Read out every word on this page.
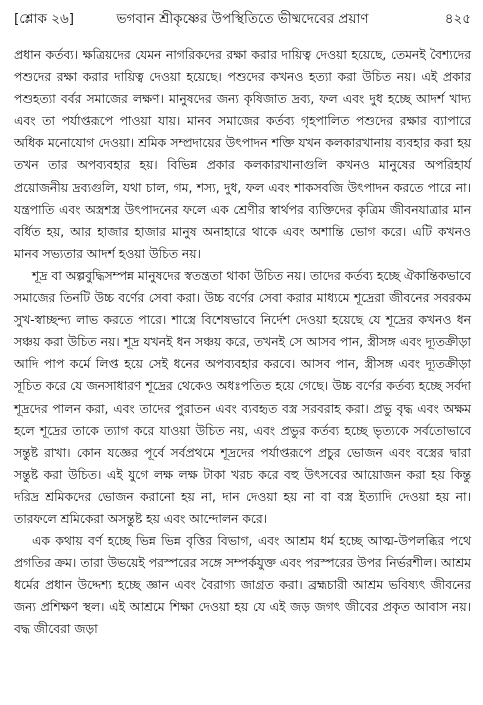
[শ্লোক ২৬]	ভগবান শ্রীকৃষ্ণের উপস্থিতিতে ভীষ্মদেবের প্রয়াণ	৪২৫

প্রধান কর্তব্য। ক্ষত্রিয়দের যেমন নাগরিকদের রক্ষা করার দায়িত্ব দেওয়া হয়েছে, তেমনই বৈশ্যদের পশুদের রক্ষা করার দায়িত্ব দেওয়া হয়েছে। পশুদের কখনও হত্যা করা উচিত নয়। এই প্রকার পশুহত্যা বর্বর সমাজের লক্ষণ। মানুষদের জন্য কৃষিজাত দ্রব্য, ফল এবং দুধ হচ্ছে আদর্শ খাদ্য এবং তা পর্যাপ্তরূপে পাওয়া যায়। মানব সমাজের কর্তব্য গৃহপালিত পশুদের রক্ষার ব্যাপারে অধিক মনোযোগ দেওয়া। শ্রমিক সম্প্রদায়ের উৎপাদন শক্তি যখন কলকারখানায় ব্যবহার করা হয় তখন তার অপব্যবহার হয়। বিভিন্ন প্রকার কলকারখানাগুলি কখনও মানুষের অপরিহার্য প্রয়োজনীয় দ্রব্যগুলি, যথা চাল, গম, শস্য, দুধ, ফল এবং শাকসবজি উৎপাদন করতে পারে না। যন্ত্রপাতি এবং অস্ত্রশস্ত্র উৎপাদনের ফলে এক শ্রেণীর স্বার্থপর ব্যক্তিদের কৃত্রিম জীবনযাত্রার মান বর্ধিত হয়, আর হাজার হাজার মানুষ অনাহারে থাকে এবং অশান্তি ভোগ করে। এটি কখনও মানব সভ্যতার আদর্শ হওয়া উচিত নয়।

শূদ্র বা অল্পবুদ্ধিসম্পন্ন মানুষদের স্বতন্ত্রতা থাকা উচিত নয়। তাদের কর্তব্য হচ্ছে ঐকান্তিকভাবে সমাজের তিনটি উচ্চ বর্ণের সেবা করা। উচ্চ বর্ণের সেবা করার মাধ্যমে শূদ্রেরা জীবনের সবরকম সুখ-স্বাচ্ছন্দ্য লাভ করতে পারে। শাস্ত্রে বিশেষভাবে নির্দেশ দেওয়া হয়েছে যে শূদ্রের কখনও ধন সঞ্চয় করা উচিত নয়। শূদ্র যখনই ধন সঞ্চয় করে, তখনই সে আসব পান, স্ত্রীসঙ্গ এবং দ্যূতক্রীড়া আদি পাপ কর্মে লিপ্ত হয়ে সেই ধনের অপব্যবহার করবে। আসব পান, স্ত্রীসঙ্গ এবং দ্যূতক্রীড়া সূচিত করে যে জনসাধারণ শূদ্রের থেকেও অধঃপতিত হয়ে গেছে। উচ্চ বর্ণের কর্তব্য হচ্ছে সর্বদা শূদ্রদের পালন করা, এবং তাদের পুরাতন এবং ব্যবহৃত বস্ত্র সরবরাহ করা। প্রভু বৃদ্ধ এবং অক্ষম হলে শূদ্রের তাকে ত্যাগ করে যাওয়া উচিত নয়, এবং প্রভুর কর্তব্য হচ্ছে ভৃত্যকে সর্বতোভাবে সন্তুষ্ট রাখা। কোন যজ্ঞের পূর্বে সর্বপ্রথমে শূদ্রদের পর্যাপ্তরূপে প্রচুর ভোজন এবং বস্ত্রের দ্বারা সন্তুষ্ট করা উচিত। এই যুগে লক্ষ লক্ষ টাকা খরচ করে বহু উৎসবের আয়োজন করা হয় কিন্তু দরিদ্র শ্রমিকদের ভোজন করানো হয় না, দান দেওয়া হয় না বা বস্ত্র ইত্যাদি দেওয়া হয় না। তারফলে শ্রমিকেরা অসন্তুষ্ট হয় এবং আন্দোলন করে।

এক কথায় বর্ণ হচ্ছে ভিন্ন ভিন্ন বৃত্তির বিভাগ, এবং আশ্রম ধর্ম হচ্ছে আত্ম-উপলব্ধির পথে প্রগতির ক্রম। তারা উভয়েই পরস্পরের সঙ্গে সম্পর্কযুক্ত এবং পরস্পরের উপর নির্ভরশীল। আশ্রম ধর্মের প্রধান উদ্দেশ্য হচ্ছে জ্ঞান এবং বৈরাগ্য জাগ্রত করা। ব্রহ্মচারী আশ্রম ভবিষ্যৎ জীবনের জন্য প্রশিক্ষণ স্থল। এই আশ্রমে শিক্ষা দেওয়া হয় যে এই জড় জগৎ জীবের প্রকৃত আবাস নয়। বদ্ধ জীবেরা জড়া
